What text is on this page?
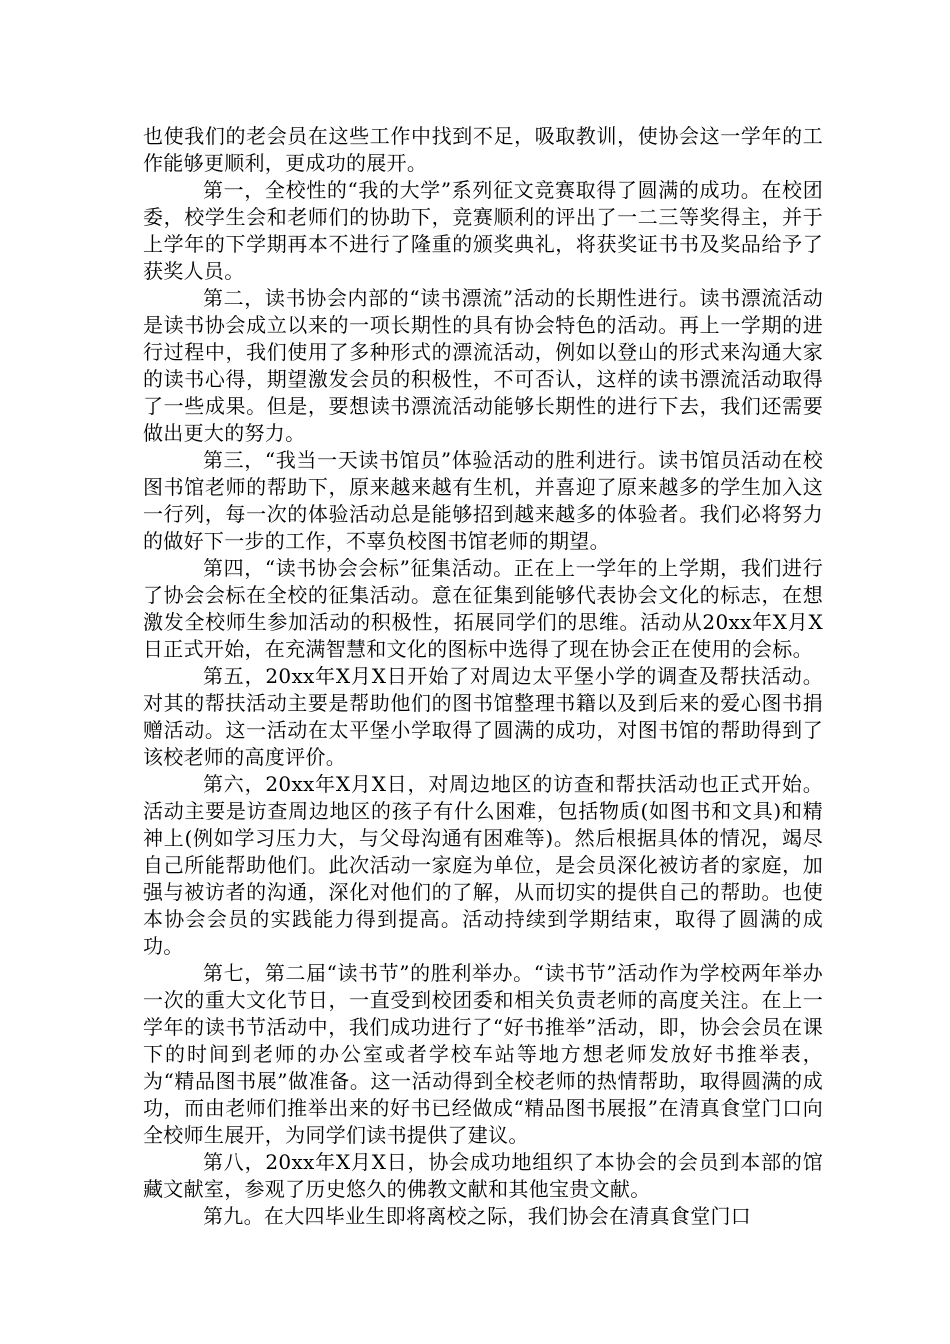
也使我们的老会员在这些工作中找到不足，吸取教训，使协会这一学年的工作能够更顺利，更成功的展开。

第一，全校性的“我的大学”系列征文竞赛取得了圆满的成功。在校团委，校学生会和老师们的协助下，竞赛顺利的评出了一二三等奖得主，并于上学年的下学期再本不进行了隆重的颁奖典礼，将获奖证书书及奖品给予了获奖人员。

第二，读书协会内部的“读书漂流”活动的长期性进行。读书漂流活动是读书协会成立以来的一项长期性的具有协会特色的活动。再上一学期的进行过程中，我们使用了多种形式的漂流活动，例如以登山的形式来沟通大家的读书心得，期望激发会员的积极性，不可否认，这样的读书漂流活动取得了一些成果。但是，要想读书漂流活动能够长期性的进行下去，我们还需要做出更大的努力。

第三，“我当一天读书馆员”体验活动的胜利进行。读书馆员活动在校图书馆老师的帮助下，原来越来越有生机，并喜迎了原来越多的学生加入这一行列，每一次的体验活动总是能够招到越来越多的体验者。我们必将努力的做好下一步的工作，不辜负校图书馆老师的期望。

第四，“读书协会会标”征集活动。正在上一学年的上学期，我们进行了协会会标在全校的征集活动。意在征集到能够代表协会文化的标志，在想激发全校师生参加活动的积极性，拓展同学们的思维。活动从20xx年X月X日正式开始，在充满智慧和文化的图标中选得了现在协会正在使用的会标。

第五，20xx年X月X日开始了对周边太平堡小学的调查及帮扶活动。对其的帮扶活动主要是帮助他们的图书馆整理书籍以及到后来的爱心图书捐赠活动。这一活动在太平堡小学取得了圆满的成功，对图书馆的帮助得到了该校老师的高度评价。

第六，20xx年X月X日，对周边地区的访查和帮扶活动也正式开始。活动主要是访查周边地区的孩子有什么困难，包括物质(如图书和文具)和精神上(例如学习压力大，与父母沟通有困难等)。然后根据具体的情况，竭尽自己所能帮助他们。此次活动一家庭为单位，是会员深化被访者的家庭，加强与被访者的沟通，深化对他们的了解，从而切实的提供自己的帮助。也使本协会会员的实践能力得到提高。活动持续到学期结束，取得了圆满的成功。

第七，第二届“读书节”的胜利举办。“读书节”活动作为学校两年举办一次的重大文化节日，一直受到校团委和相关负责老师的高度关注。在上一学年的读书节活动中，我们成功进行了“好书推举”活动，即，协会会员在课下的时间到老师的办公室或者学校车站等地方想老师发放好书推举表，为“精品图书展”做准备。这一活动得到全校老师的热情帮助，取得圆满的成功，而由老师们推举出来的好书已经做成“精品图书展报”在清真食堂门口向全校师生展开，为同学们读书提供了建议。

第八，20xx年X月X日，协会成功地组织了本协会的会员到本部的馆藏文献室，参观了历史悠久的佛教文献和其他宝贵文献。

第九。在大四毕业生即将离校之际，我们协会在清真食堂门口
